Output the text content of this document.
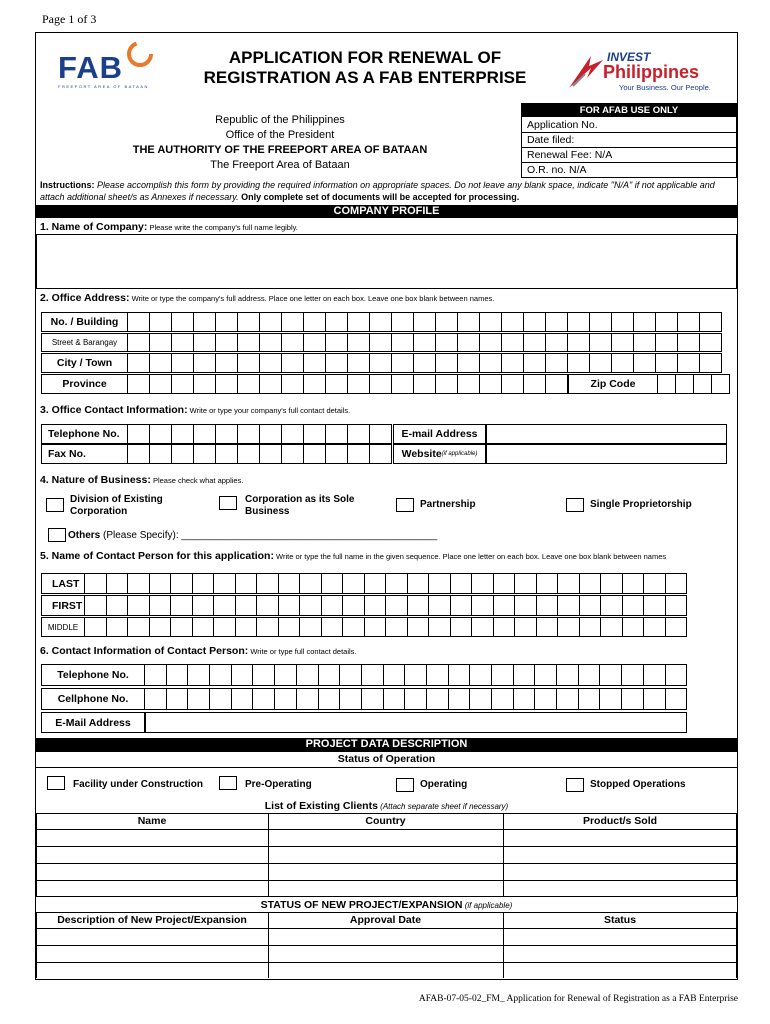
Page 1 of 3
FAB
FREEPORT AREA OF BATAAN
APPLICATION FOR RENEWAL OF
REGISTRATION AS A FAB ENTERPRISE
INVEST
Philippines
Your Business. Our People.
Republic of the Philippines
Office of the President
THE AUTHORITY OF THE FREEPORT AREA OF BATAAN
The Freeport Area of Bataan
FOR AFAB USE ONLY
Application No.
Date filed:
Renewal Fee: N/A
O.R. no. N/A
Instructions: Please accomplish this form by providing the required information on appropriate spaces. Do not leave any blank space, indicate "N/A" if not applicable and attach additional sheet/s as Annexes if necessary. Only complete set of documents will be accepted for processing.
COMPANY PROFILE
1. Name of Company: Please write the company's full name legibly.
2. Office Address: Write or type the company's full address. Place one letter on each box. Leave one box blank between names.
No. / Building
Street & Barangay
City / Town
Province	Zip Code
3. Office Contact Information: Write or type your company's full contact details.
Telephone No.	E-mail Address
Fax No.	Website (if applicable)
4. Nature of Business: Please check what applies.
Division of Existing Corporation
Corporation as its Sole Business
Partnership	Single Proprietorship
Others (Please Specify): ______________________________________________
5. Name of Contact Person for this application: Write or type the full name in the given sequence. Place one letter on each box. Leave one box blank between names
LAST
FIRST
MIDDLE
6. Contact Information of Contact Person: Write or type full contact details.
Telephone No.
Cellphone No.
E-Mail Address
PROJECT DATA DESCRIPTION
Status of Operation
Facility under Construction	Pre-Operating	Operating	Stopped Operations
List of Existing Clients (Attach separate sheet if necessary)
Name	Country	Product/s Sold
STATUS OF NEW PROJECT/EXPANSION (if applicable)
Description of New Project/Expansion	Approval Date	Status
AFAB-07-05-02_FM_ Application for Renewal of Registration as a FAB Enterprise
